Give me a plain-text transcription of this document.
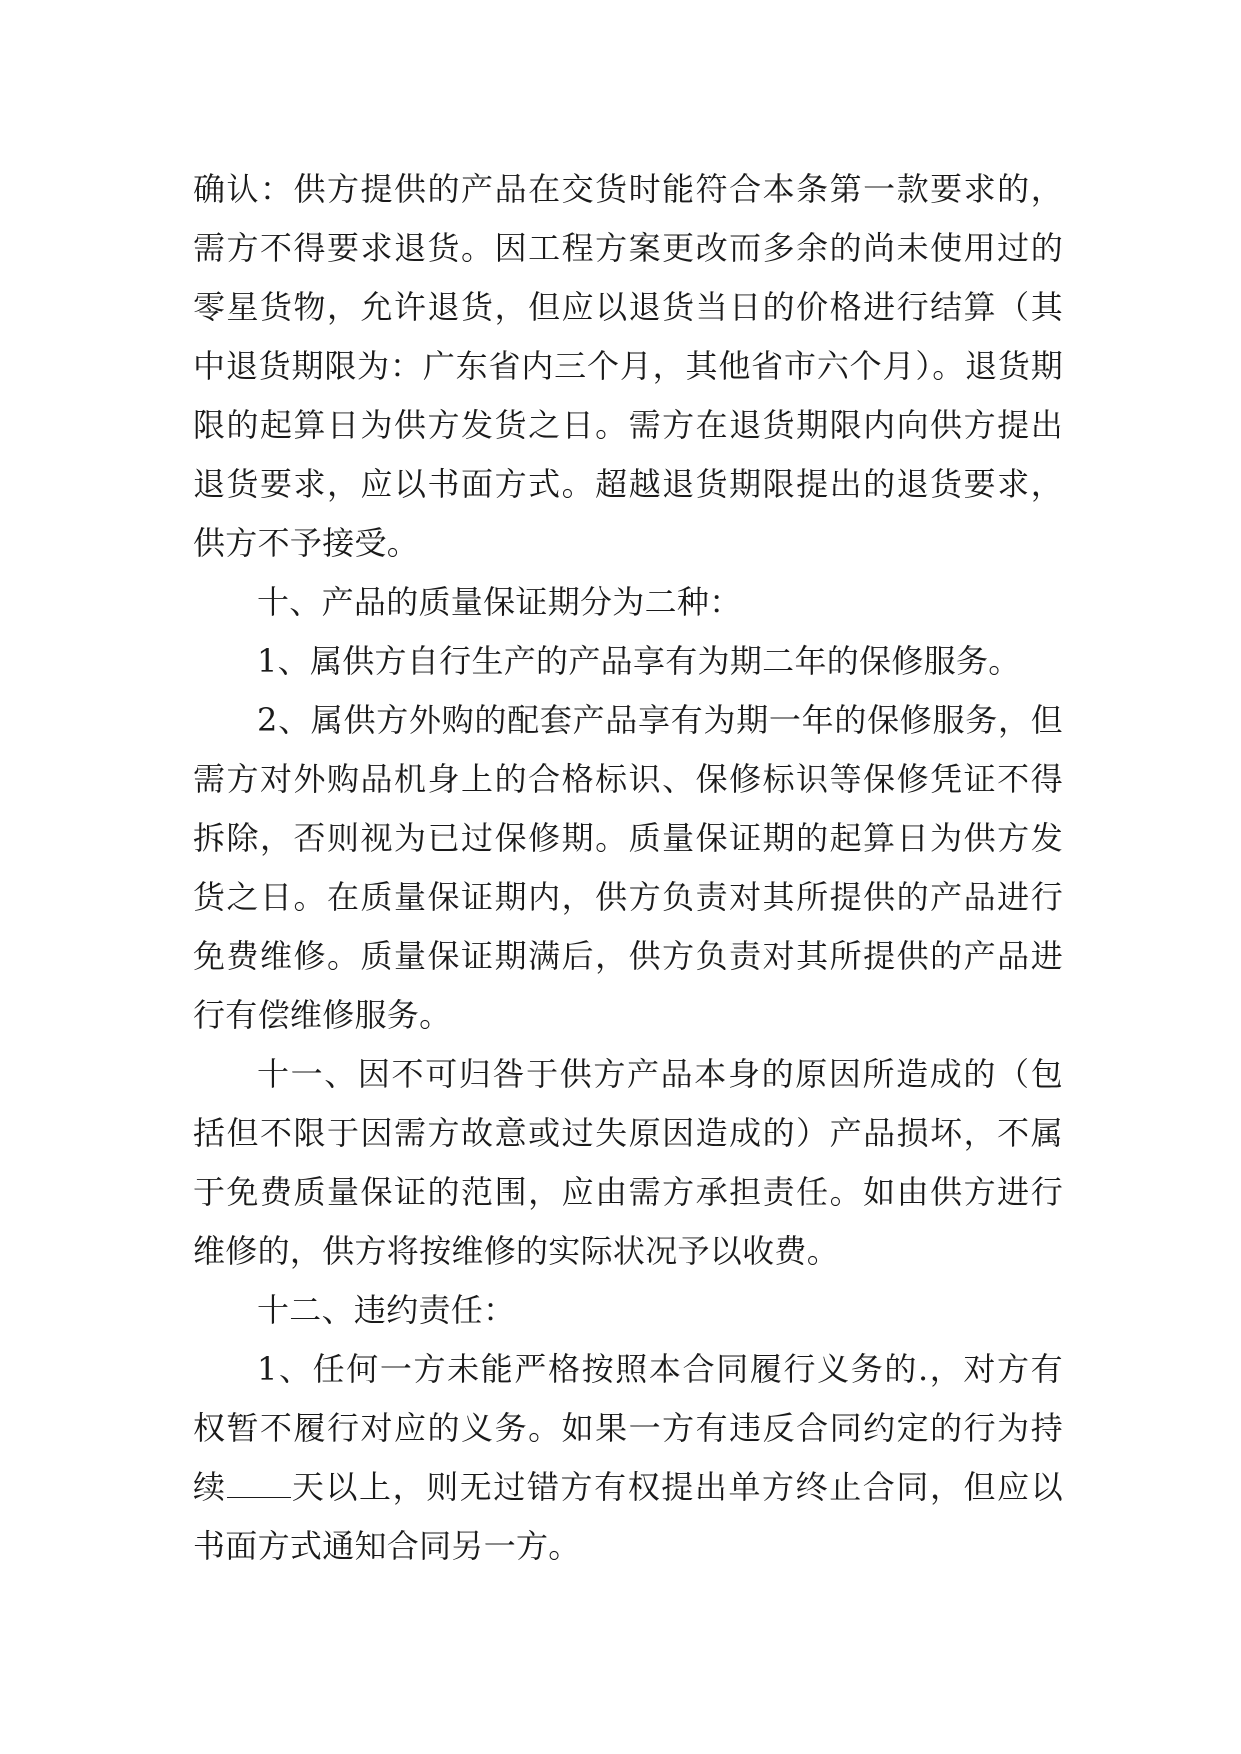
确认：供方提供的产品在交货时能符合本条第一款要求的，需方不得要求退货。因工程方案更改而多余的尚未使用过的零星货物，允许退货，但应以退货当日的价格进行结算（其中退货期限为：广东省内三个月，其他省市六个月）。退货期限的起算日为供方发货之日。需方在退货期限内向供方提出退货要求，应以书面方式。超越退货期限提出的退货要求，供方不予接受。

十、产品的质量保证期分为二种：

1、属供方自行生产的产品享有为期二年的保修服务。

2、属供方外购的配套产品享有为期一年的保修服务，但需方对外购品机身上的合格标识、保修标识等保修凭证不得拆除，否则视为已过保修期。质量保证期的起算日为供方发货之日。在质量保证期内，供方负责对其所提供的产品进行免费维修。质量保证期满后，供方负责对其所提供的产品进行有偿维修服务。

十一、因不可归咎于供方产品本身的原因所造成的（包括但不限于因需方故意或过失原因造成的）产品损坏，不属于免费质量保证的范围，应由需方承担责任。如由供方进行维修的，供方将按维修的实际状况予以收费。

十二、违约责任：

1、任何一方未能严格按照本合同履行义务的.，对方有权暂不履行对应的义务。如果一方有违反合同约定的行为持续 天以上，则无过错方有权提出单方终止合同，但应以书面方式通知合同另一方。
